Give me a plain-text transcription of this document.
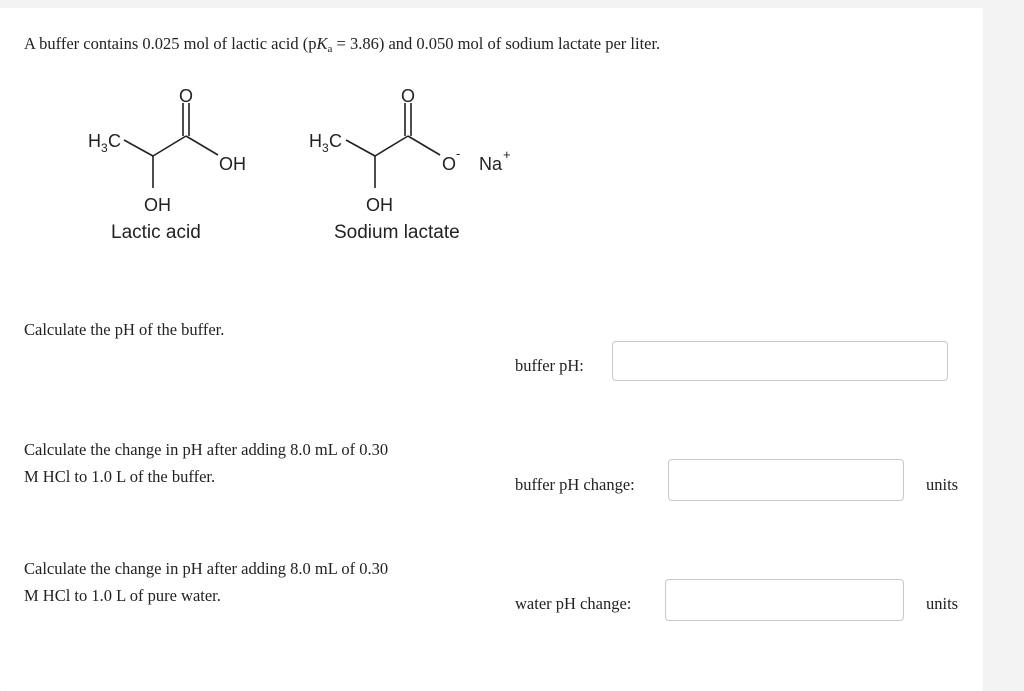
A buffer contains 0.025 mol of lactic acid $(pK_a = 3.86)$ and 0.050 mol of sodium lactate per liter.
H 3 C
O
OH
OH
H 3 C
O
O
-
Na +
OH
Lactic acid	Sodium lactate
Calculate the pH of the buffer.
buffer pH:
Calculate the change in pH after adding 8.0 mL of 0.30 M HCl to 1.0 L of the buffer.	buffer pH change:	units
Calculate the change in pH after adding 8.0 mL of 0.30 M HCl to 1.0 L of pure water.	water pH change:	units
